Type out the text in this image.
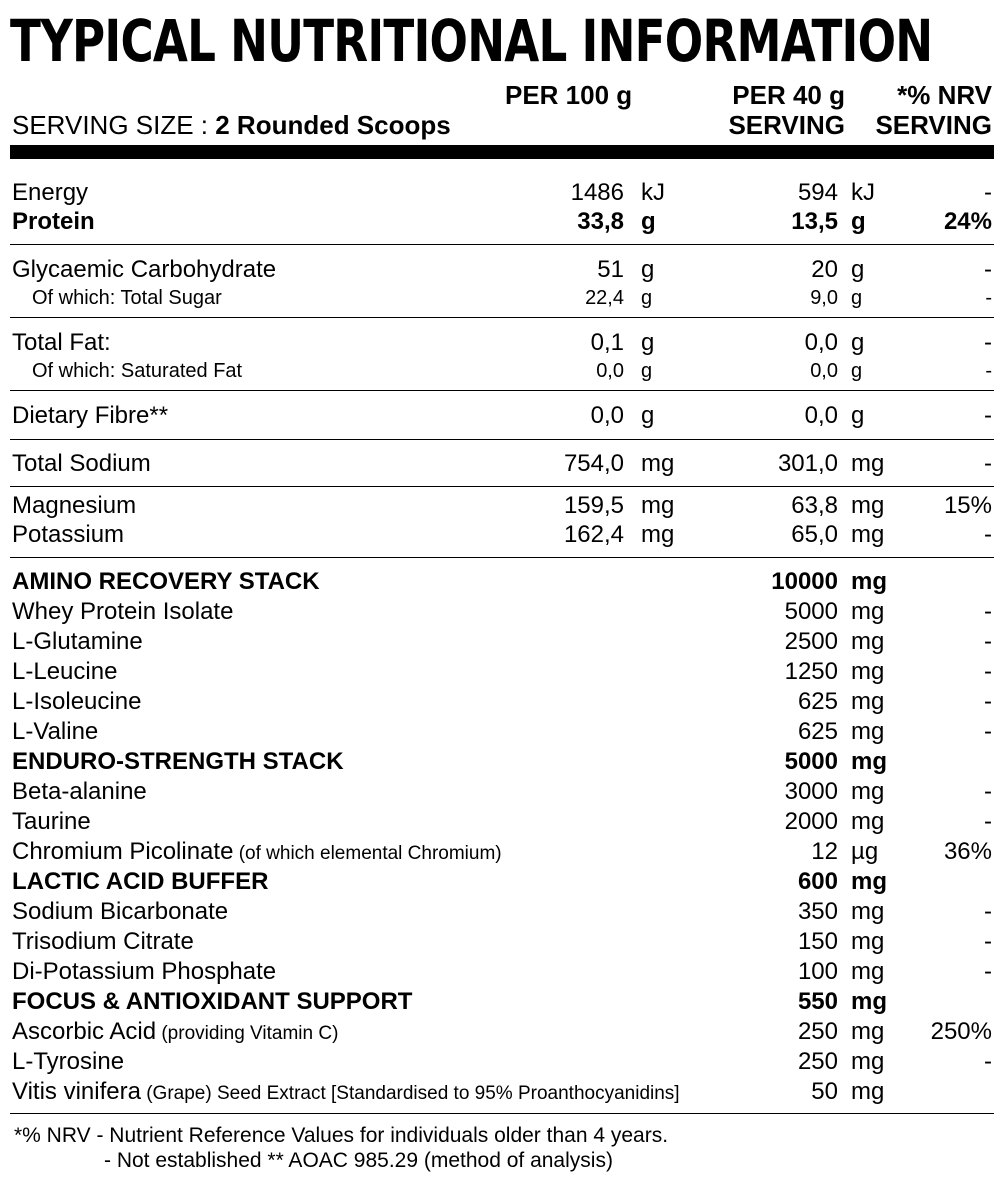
TYPICAL NUTRITIONAL INFORMATION
PER 100 g	PER 40 g
SERVING
*% NRV
SERVING
SERVING SIZE : 2 Rounded Scoops
Energy	1486 kJ	594 kJ	-
Protein	33,8 g	13,5 g	24%
Glycaemic Carbohydrate	51 g	20 g	-
Of which: Total Sugar	22,4 g	9,0 g	-
Total Fat:	0,1 g	0,0 g	-
Of which: Saturated Fat	0,0 g	0,0 g	-
Dietary Fibre**	0,0 g	0,0 g	-
Total Sodium	754,0 mg	301,0 mg	-
Magnesium	159,5 mg	63,8 mg 15%
Potassium	162,4 mg	65,0 mg	-
AMINO RECOVERY STACK	10000 mg
Whey Protein Isolate	5000 mg	-
L-Glutamine	2500 mg	-
L-Leucine	1250 mg	-
L-Isoleucine	625 mg	-
L-Valine	625 mg	-
ENDURO-STRENGTH STACK	5000 mg
Beta-alanine	3000 mg	-
Taurine	2000 mg	-
Chromium Picolinate (of which elemental Chromium)	12 µg	36%
LACTIC ACID BUFFER	600 mg
Sodium Bicarbonate	350 mg	-
Trisodium Citrate	150 mg	-
Di-Potassium Phosphate	100 mg	-
FOCUS & ANTIOXIDANT SUPPORT	550 mg
Ascorbic Acid (providing Vitamin C)	250 mg 250%
L-Tyrosine	250 mg	-
Vitis vinifera (Grape) Seed Extract [Standardised to 95% Proanthocyanidins]	50 mg
*% NRV - Nutrient Reference Values for individuals older than 4 years.
- Not established ** AOAC 985.29 (method of analysis)
